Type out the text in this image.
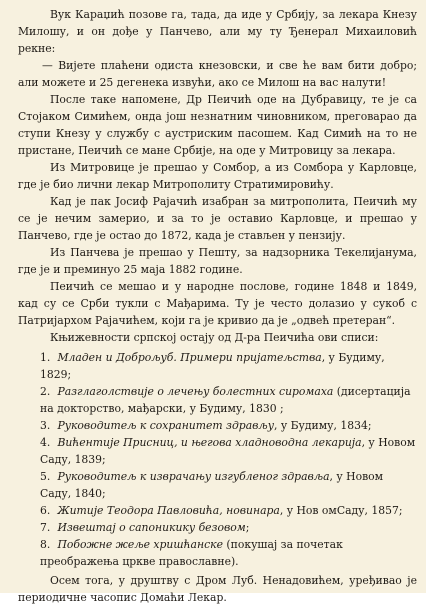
Вук Караџић позове га, тада, да иде у Србију, за лекара Кнезу Милошу, и он дође у Панчево, али му ту Ђенерал Михаиловић рекне:

— Вијете плаћени одиста кнезовски, и све ће вам бити добро; али можете и 25 дегенека извући, ако се Милош на вас налути!

После таке напомене, Др Пеичић оде на Дубравицу, те је са Стојаком Симићем, онда још незнатним чиновником, преговарао да ступи Кнезу у службу с аустриским пасошем. Кад Симић на то не пристане, Пеичић се мане Србије, на оде у Митровицу за лекара.

Из Митровице је прешао у Сомбор, а из Сомбора у Карловце, где је био лични лекар Митрополиту Стратимировићу.

Кад је пак Јосиф Рајачић изабран за митрополита, Пеичић му се је нечим замерио, и за то је оставио Карловце, и прешао у Панчево, где је остао до 1872, када је стављен у пензију.

Из Панчева је прешао у Пешту, за надзорника Текелијанума, где је и преминуо 25 маја 1882 године.

Пеичић се мешао и у народне послове, године 1848 и 1849, кад су се Срби тукли с Мађарима. Ту је често долазио у сукоб с Патријархом Рајачићем, који га је кривио да је „одвећ претеран“.

Књижевности српској остају од Д-ра Пеичића ови списи:

1. Младен и Доброљуб. Примери пријатељства, у Будиму, 1829;
2. Разглаголствије о лечењу болестних сиромаха (дисертација на докторство, мађарски, у Будиму, 1830 ;
3. Руководитељ к сохранитет здрављу, у Будиму, 1834;
4. Вићентије Присниц, и његова хладноводна лекарија, у Новом Саду, 1839;
5. Руководитељ к изврачању изгубленог здравља, у Новом Саду, 1840;
6. Житије Теодора Павловића, новинара, у Нов омСаду, 1857;
7. Извештај о сапоникику безовом;
8. Побожне жеље хришћанске (покушај за почетак преображења цркве православне).

Осем тога, у друштву с Дром Луб. Ненадовићем, уређивао је периодичне часопис Домаћи Лекар.
